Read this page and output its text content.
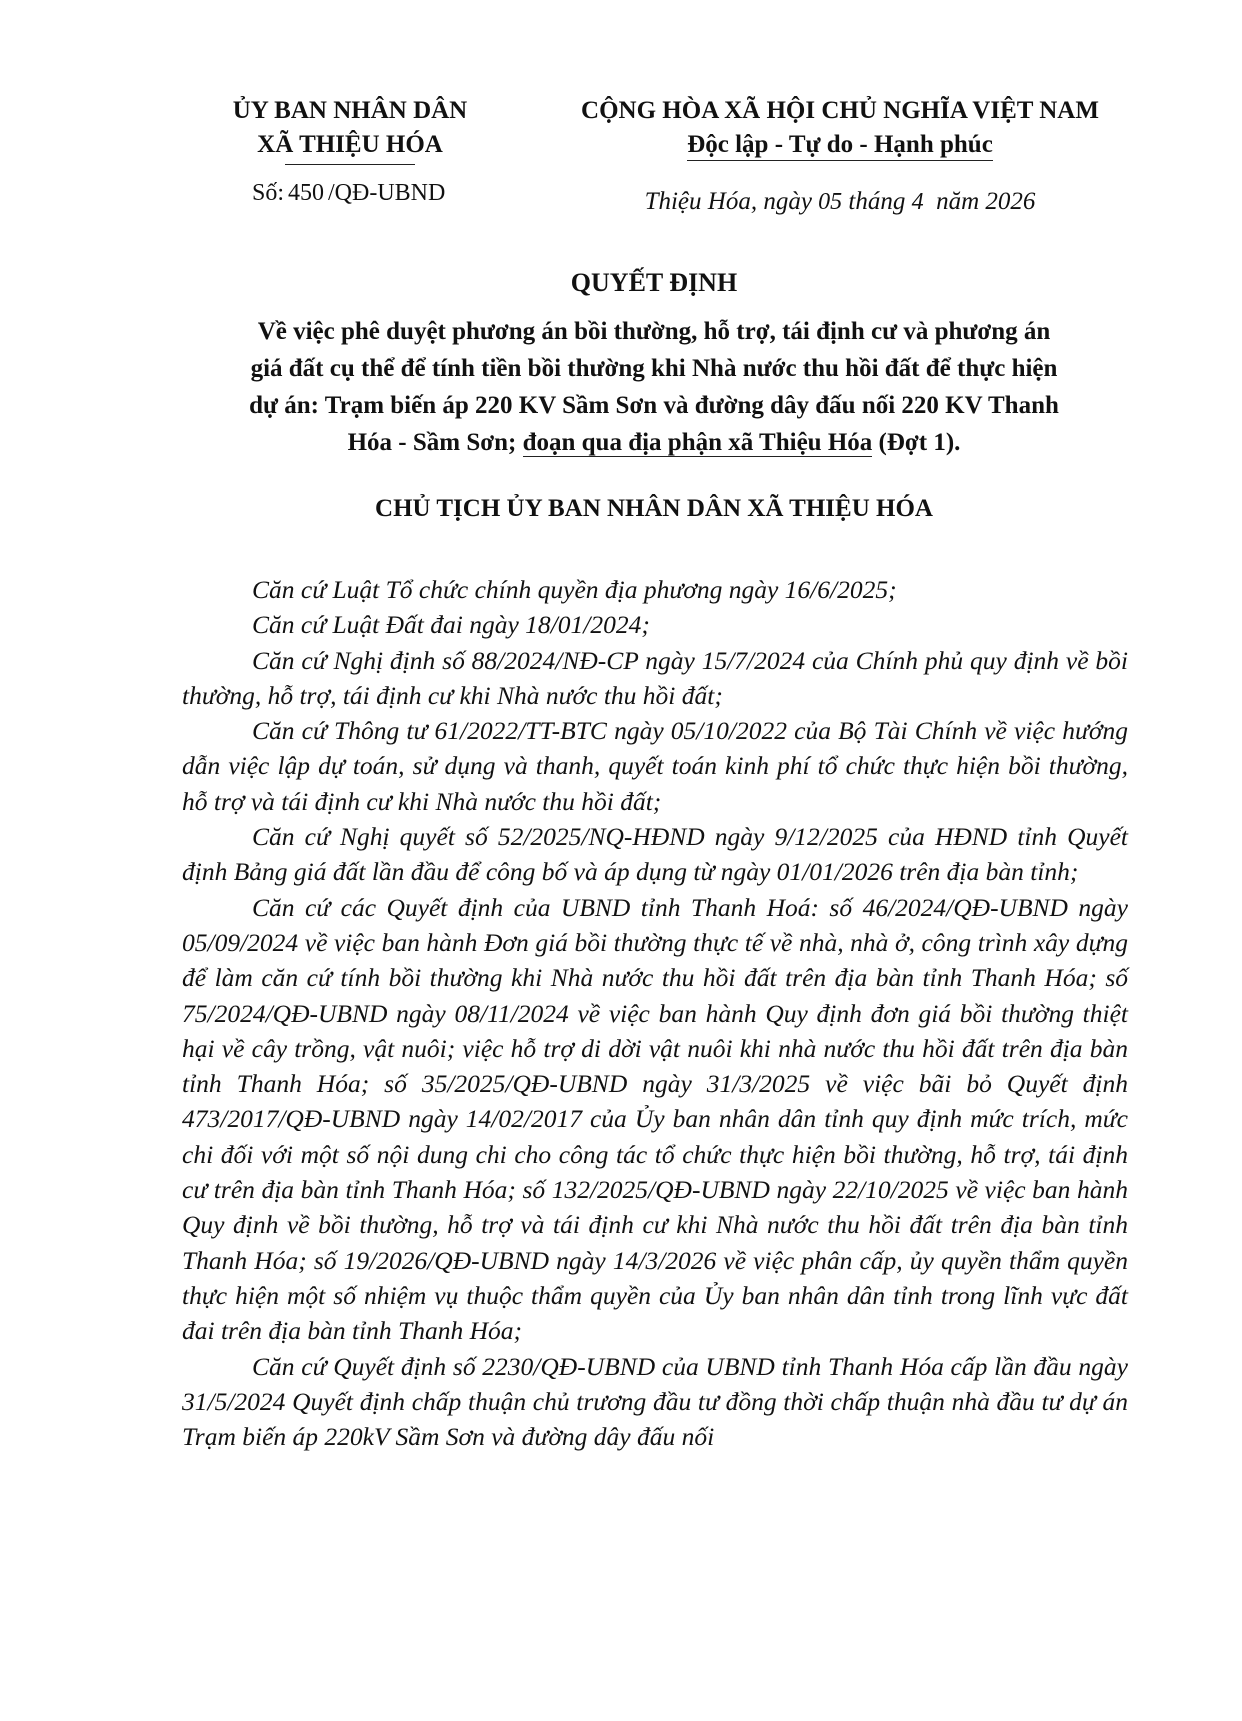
ỦY BAN NHÂN DÂN
XÃ THIỆU HÓA
CỘNG HÒA XÃ HỘI CHỦ NGHĨA VIỆT NAM
Độc lập - Tự do - Hạnh phúc
Số: 450 /QĐ-UBND	Thiệu Hóa, ngày 05 tháng 4 năm 2026
QUYẾT ĐỊNH
Về việc phê duyệt phương án bồi thường, hỗ trợ, tái định cư và phương án
giá đất cụ thể để tính tiền bồi thường khi Nhà nước thu hồi đất để thực hiện
dự án: Trạm biến áp 220 KV Sầm Sơn và đường dây đấu nối 220 KV Thanh
Hóa - Sầm Sơn; đoạn qua địa phận xã Thiệu Hóa (Đợt 1).
CHỦ TỊCH ỦY BAN NHÂN DÂN XÃ THIỆU HÓA

Căn cứ Luật Tổ chức chính quyền địa phương ngày 16/6/2025;

Căn cứ Luật Đất đai ngày 18/01/2024;

Căn cứ Nghị định số 88/2024/NĐ-CP ngày 15/7/2024 của Chính phủ quy định về bồi thường, hỗ trợ, tái định cư khi Nhà nước thu hồi đất;

Căn cứ Thông tư 61/2022/TT-BTC ngày 05/10/2022 của Bộ Tài Chính về việc hướng dẫn việc lập dự toán, sử dụng và thanh, quyết toán kinh phí tổ chức thực hiện bồi thường, hỗ trợ và tái định cư khi Nhà nước thu hồi đất;

Căn cứ Nghị quyết số 52/2025/NQ-HĐND ngày 9/12/2025 của HĐND tỉnh Quyết định Bảng giá đất lần đầu để công bố và áp dụng từ ngày 01/01/2026 trên địa bàn tỉnh;

Căn cứ các Quyết định của UBND tỉnh Thanh Hoá: số 46/2024/QĐ-UBND ngày 05/09/2024 về việc ban hành Đơn giá bồi thường thực tế về nhà, nhà ở, công trình xây dựng để làm căn cứ tính bồi thường khi Nhà nước thu hồi đất trên địa bàn tỉnh Thanh Hóa; số 75/2024/QĐ-UBND ngày 08/11/2024 về việc ban hành Quy định đơn giá bồi thường thiệt hại về cây trồng, vật nuôi; việc hỗ trợ di dời vật nuôi khi nhà nước thu hồi đất trên địa bàn tỉnh Thanh Hóa; số 35/2025/QĐ-UBND ngày 31/3/2025 về việc bãi bỏ Quyết định 473/2017/QĐ-UBND ngày 14/02/2017 của Ủy ban nhân dân tỉnh quy định mức trích, mức chi đối với một số nội dung chi cho công tác tổ chức thực hiện bồi thường, hỗ trợ, tái định cư trên địa bàn tỉnh Thanh Hóa; số 132/2025/QĐ-UBND ngày 22/10/2025 về việc ban hành Quy định về bồi thường, hỗ trợ và tái định cư khi Nhà nước thu hồi đất trên địa bàn tỉnh Thanh Hóa; số 19/2026/QĐ-UBND ngày 14/3/2026 về việc phân cấp, ủy quyền thẩm quyền thực hiện một số nhiệm vụ thuộc thẩm quyền của Ủy ban nhân dân tỉnh trong lĩnh vực đất đai trên địa bàn tỉnh Thanh Hóa;

Căn cứ Quyết định số 2230/QĐ-UBND của UBND tỉnh Thanh Hóa cấp lần đầu ngày 31/5/2024 Quyết định chấp thuận chủ trương đầu tư đồng thời chấp thuận nhà đầu tư dự án Trạm biến áp 220kV Sầm Sơn và đường dây đấu nối
